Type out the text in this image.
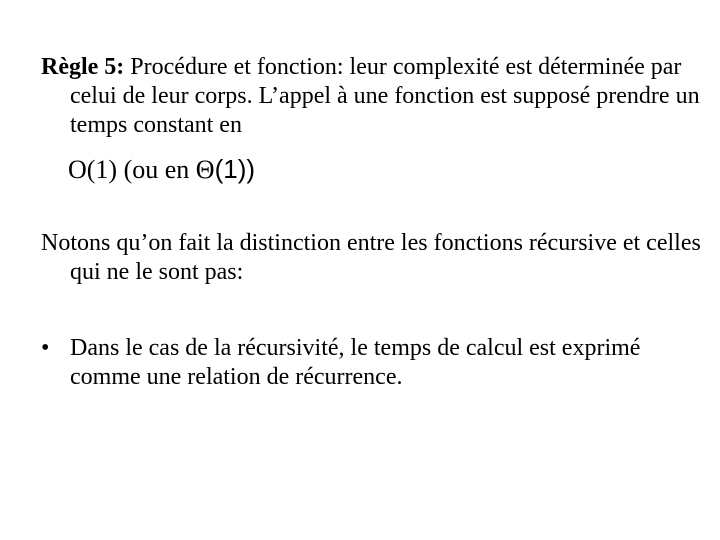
Règle 5: Procédure et fonction: leur complexité est déterminée par celui de leur corps. L’appel à une fonction est supposé prendre un temps constant en

O(1) (ou en Θ(1))

Notons qu’on fait la distinction entre les fonctions récursive et celles qui ne le sont pas:

• Dans le cas de la récursivité, le temps de calcul est exprimé comme une relation de récurrence.
